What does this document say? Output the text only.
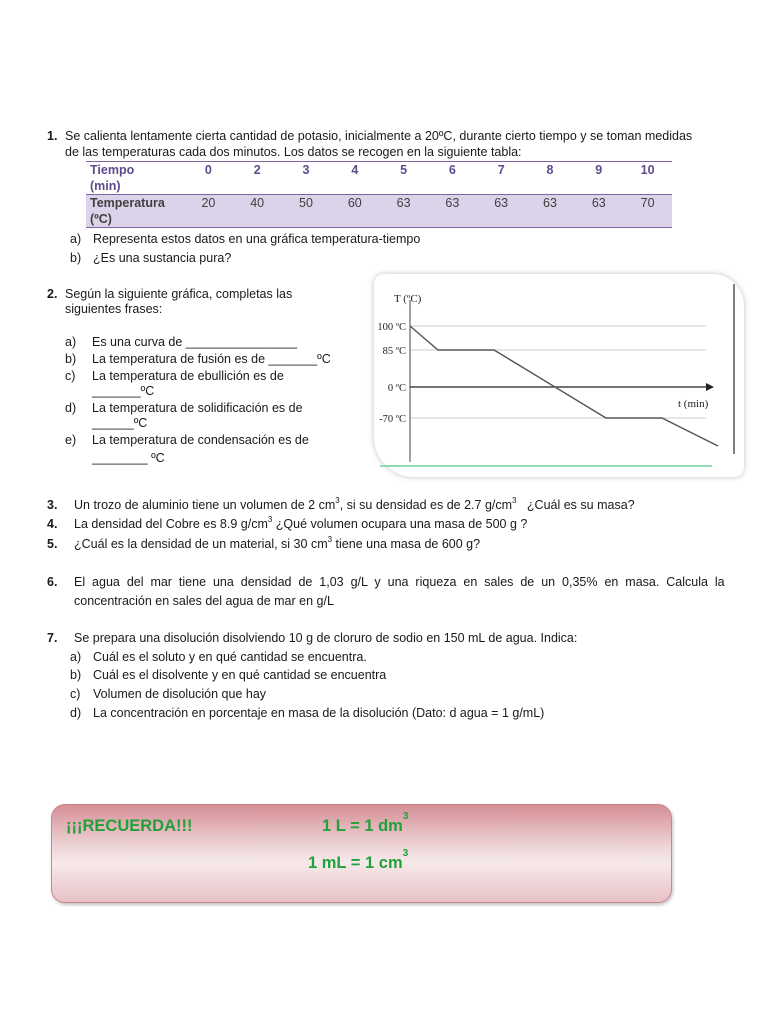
1. Se calienta lentamente cierta cantidad de potasio, inicialmente a 20ºC, durante cierto tiempo y se toman medidas
de las temperaturas cada dos minutos. Los datos se recogen en la siguiente tabla:
Tiempo
(min)	0	2	3	4	5	6	7	8	9	10

Temperatura
(ºC)	20	40	50	60	63	63	63	63	63	70
a) Representa estos datos en una gráfica temperatura-tiempo
b) ¿Es una sustancia pura?
2. Según la siguiente gráfica, completas las
siguientes frases:
a) Es una curva de ________________
b) La temperatura de fusión es de _______ºC
c) La temperatura de ebullición es de
_______ºC
d) La temperatura de solidificación es de
______ºC
e) La temperatura de condensación es de
________ ºC
T (ºC)
t (min)
100 ºC
85 ºC
0 ºC
-70 ºC
3. Un trozo de aluminio tiene un volumen de 2 $cm^3$, si su densidad es de 2.7 $g/cm^3$   ¿Cuál es su masa?
4. La densidad del Cobre es 8.9 $g/cm^3$ ¿Qué volumen ocupara una masa de 500 g ?
5. ¿Cuál es la densidad de un material, si 30 $cm^3$ tiene una masa de 600 g?
6. El  agua  del  mar  tiene  una  densidad  de  1,03  g/L  y  una  riqueza  en  sales  de  un  0,35%  en  masa.  Calcula  la
concentración en sales del agua de mar en g/L
7. Se prepara una disolución disolviendo 10 g de cloruro de sodio en 150 mL de agua. Indica:
a) Cuál es el soluto y en qué cantidad se encuentra.
b) Cuál es el disolvente y en qué cantidad se encuentra
c) Volumen de disolución que hay
d) La concentración en porcentaje en masa de la disolución (Dato: d agua = 1 g/mL)
¡¡¡RECUERDA!!!	1 L = 1 $dm^3$
1 mL = 1 $cm^3$
